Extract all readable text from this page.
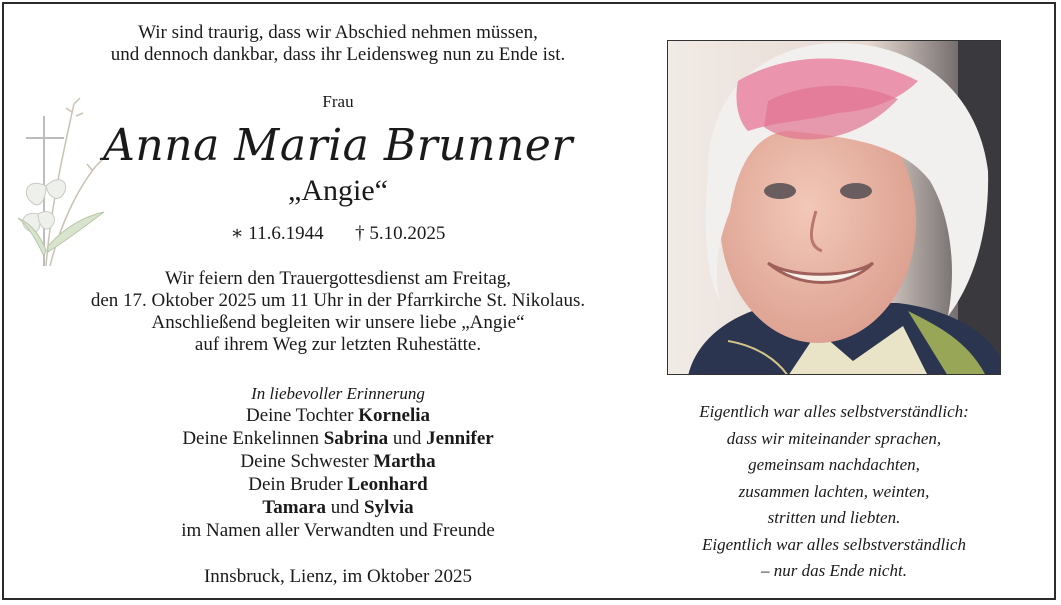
Wir sind traurig, dass wir Abschied nehmen müssen,
und dennoch dankbar, dass ihr Leidensweg nun zu Ende ist.
Frau
Anna Maria Brunner
„Angie“
∗ 11.6.1944 † 5.10.2025
Wir feiern den Trauergottesdienst am Freitag,
den 17. Oktober 2025 um 11 Uhr in der Pfarrkirche St. Nikolaus.
Anschließend begleiten wir unsere liebe „Angie“
auf ihrem Weg zur letzten Ruhestätte.
In liebevoller Erinnerung
Deine Tochter Kornelia
Deine Enkelinnen Sabrina und Jennifer
Deine Schwester Martha
Dein Bruder Leonhard
Tamara und Sylvia
im Namen aller Verwandten und Freunde
Innsbruck, Lienz, im Oktober 2025

Eigentlich war alles selbstverständlich:

dass wir miteinander sprachen,

gemeinsam nachdachten,

zusammen lachten, weinten,

stritten und liebten.

Eigentlich war alles selbstverständlich

– nur das Ende nicht.
